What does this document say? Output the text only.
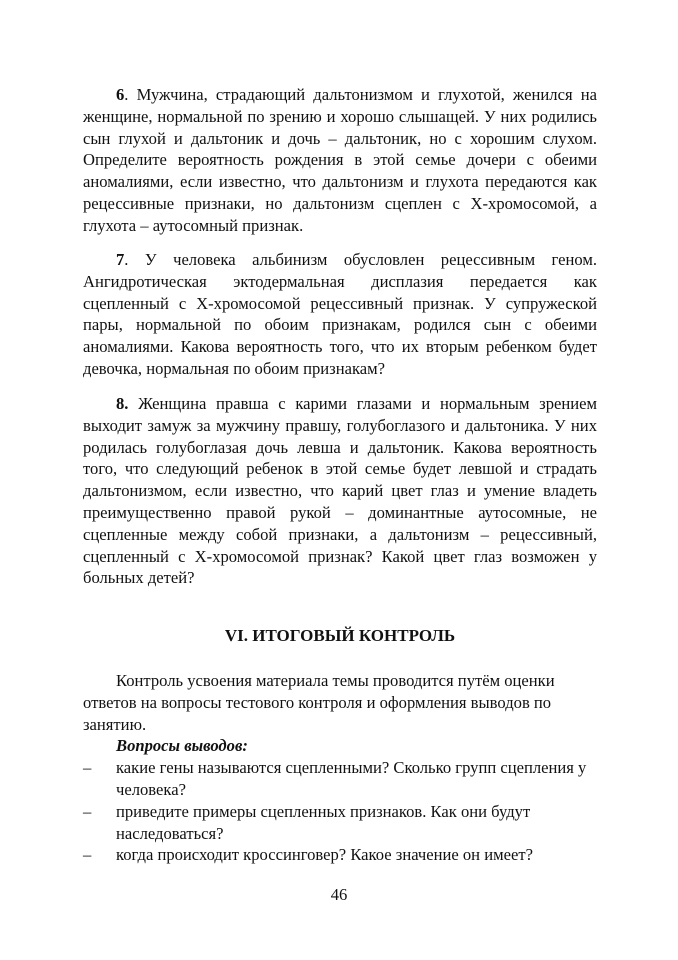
6. Мужчина, страдающий дальтонизмом и глухотой, женился на женщине, нормальной по зрению и хорошо слышащей. У них родились сын глухой и дальтоник и дочь – дальтоник, но с хорошим слухом. Определите вероятность рождения в этой семье дочери с обеими аномалиями, если известно, что дальтонизм и глухота передаются как рецессивные признаки, но дальтонизм сцеплен с X-хромосомой, а глухота – аутосомный признак.

7. У человека альбинизм обусловлен рецессивным геном. Ангидротическая эктодермальная дисплазия передается как сцепленный с X-хромосомой рецессивный признак. У супружеской пары, нормальной по обоим признакам, родился сын с обеими аномалиями. Какова вероятность того, что их вторым ребенком будет девочка, нормальная по обоим признакам?

8. Женщина правша с карими глазами и нормальным зрением выходит замуж за мужчину правшу, голубоглазого и дальтоника. У них родилась голубоглазая дочь левша и дальтоник. Какова вероятность того, что следующий ребенок в этой семье будет левшой и страдать дальтонизмом, если известно, что карий цвет глаз и умение владеть преимущественно правой рукой – доминантные аутосомные, не сцепленные между собой признаки, а дальтонизм – рецессивный, сцепленный с X-хромосомой признак? Какой цвет глаз возможен у больных детей?

VI. ИТОГОВЫЙ КОНТРОЛЬ

Контроль усвоения материала темы проводится путём оценки ответов на вопросы тестового контроля и оформления выводов по занятию.

Вопросы выводов:

– какие гены называются сцепленными? Сколько групп сцепления у человека?
– приведите примеры сцепленных признаков. Как они будут наследоваться?
– когда происходит кроссинговер? Какое значение он имеет?

46
